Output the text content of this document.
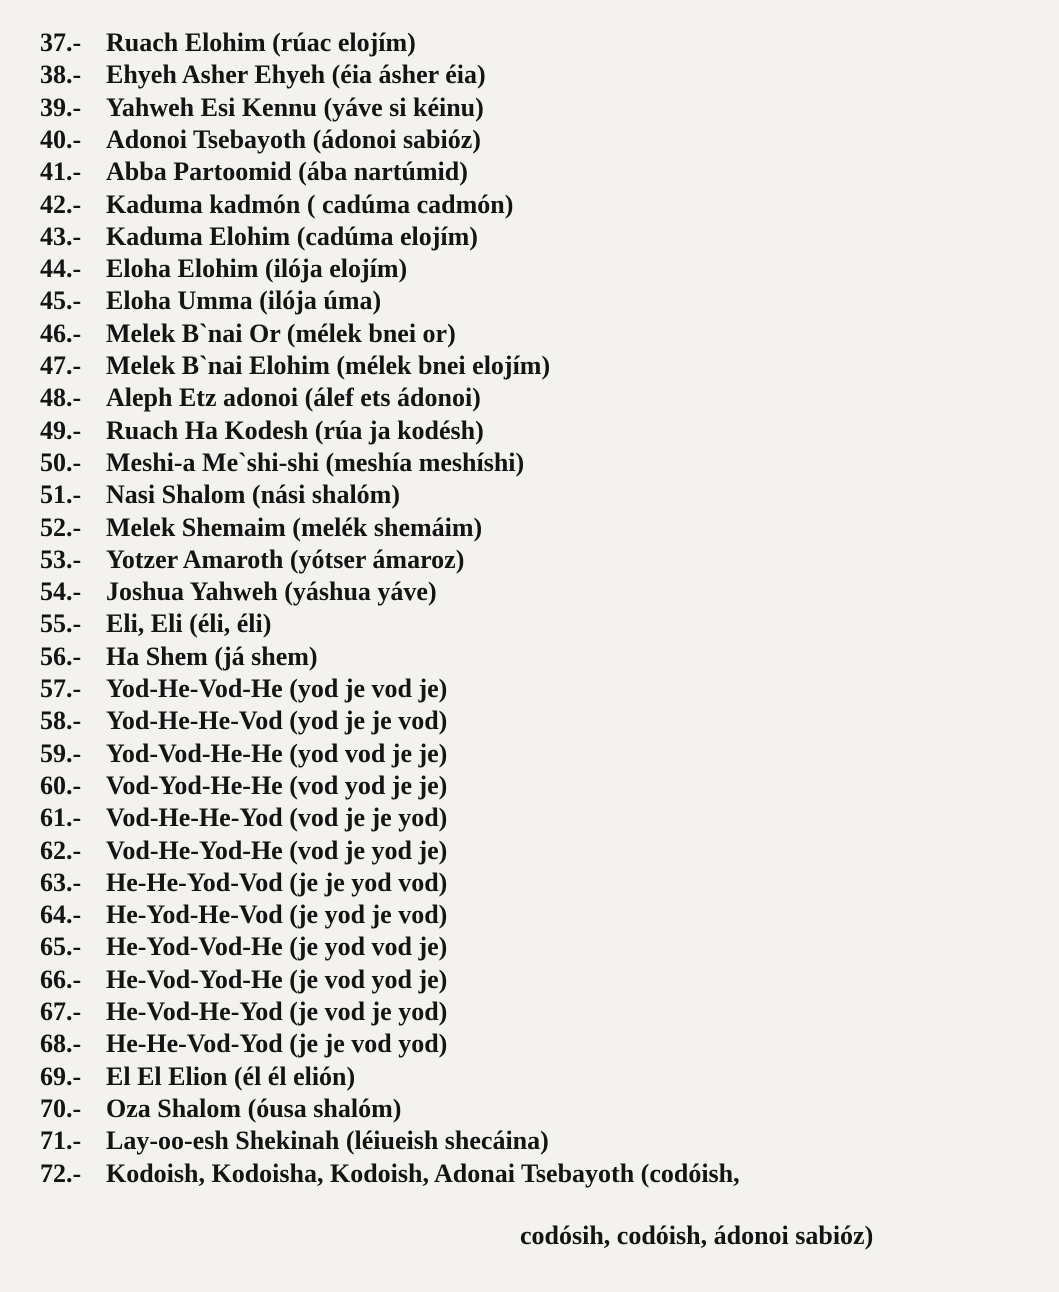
37.- Ruach Elohim (rúac elojím)
38.- Ehyeh Asher Ehyeh (éia ásher éia)
39.- Yahweh Esi Kennu (yáve si kéinu)
40.- Adonoi Tsebayoth (ádonoi sabióz)
41.- Abba Partoomid (ába nartúmid)
42.- Kaduma kadmón ( cadúma cadmón)
43.- Kaduma Elohim (cadúma elojím)
44.- Eloha Elohim (ilója elojím)
45.- Eloha Umma (ilója úma)
46.- Melek B`nai Or (mélek bnei or)
47.- Melek B`nai Elohim (mélek bnei elojím)
48.- Aleph Etz adonoi (álef ets ádonoi)
49.- Ruach Ha Kodesh (rúa ja kodésh)
50.- Meshi-a Me`shi-shi (meshía meshíshi)
51.- Nasi Shalom (nási shalóm)
52.- Melek Shemaim (melék shemáim)
53.- Yotzer Amaroth (yótser ámaroz)
54.- Joshua Yahweh (yáshua yáve)
55.- Eli, Eli (éli, éli)
56.- Ha Shem (já shem)
57.- Yod-He-Vod-He (yod je vod je)
58.- Yod-He-He-Vod (yod je je vod)
59.- Yod-Vod-He-He (yod vod je je)
60.- Vod-Yod-He-He (vod yod je je)
61.- Vod-He-He-Yod (vod je je yod)
62.- Vod-He-Yod-He (vod je yod je)
63.- He-He-Yod-Vod (je je yod vod)
64.- He-Yod-He-Vod (je yod je vod)
65.- He-Yod-Vod-He (je yod vod je)
66.- He-Vod-Yod-He (je vod yod je)
67.- He-Vod-He-Yod (je vod je yod)
68.- He-He-Vod-Yod (je je vod yod)
69.- El El Elion (él él elión)
70.- Oza Shalom (óusa shalóm)
71.- Lay-oo-esh Shekinah (léiueish shecáina)
72.- Kodoish, Kodoisha, Kodoish, Adonai Tsebayoth (codóish,
codósih, codóish, ádonoi sabióz)
